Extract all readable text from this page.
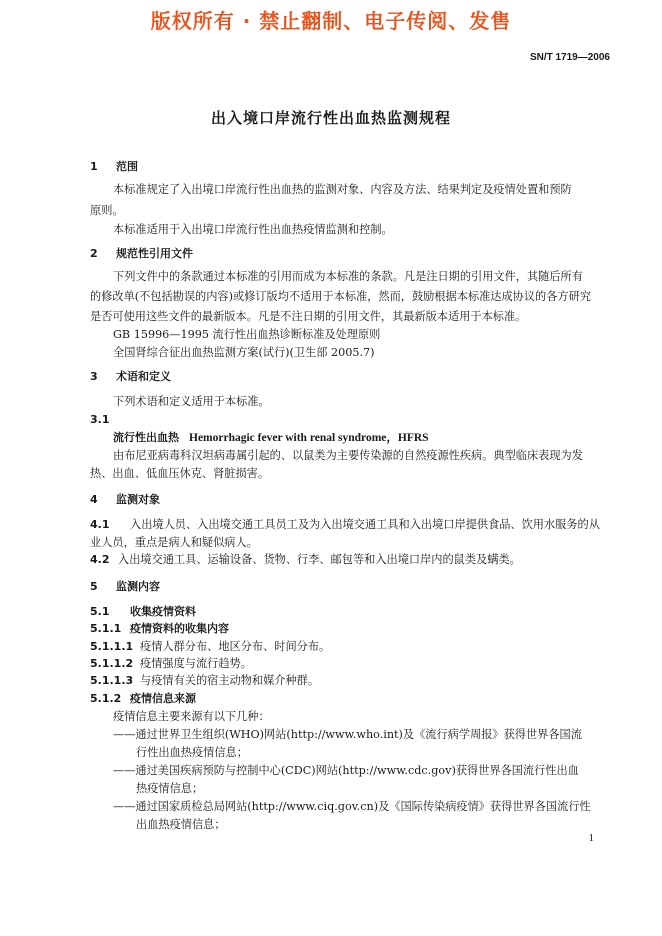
版权所有 · 禁止翻制、电子传阅、发售
SN/T 1719—2006
出入境口岸流行性出血热监测规程
1 范围
本标准规定了入出境口岸流行性出血热的监测对象、内容及方法、结果判定及疫情处置和预防
原则。
本标准适用于入出境口岸流行性出血热疫情监测和控制。
2 规范性引用文件
下列文件中的条款通过本标准的引用而成为本标准的条款。凡是注日期的引用文件，其随后所有
的修改单(不包括勘误的内容)或修订版均不适用于本标准，然而，鼓励根据本标准达成协议的各方研究
是否可使用这些文件的最新版本。凡是不注日期的引用文件，其最新版本适用于本标准。
GB 15996—1995 流行性出血热诊断标准及处理原则
全国肾综合征出血热监测方案(试行)(卫生部 2005.7)
3 术语和定义
下列术语和定义适用于本标准。
3.1
流行性出血热 Hemorrhagic fever with renal syndrome，HFRS
由布尼亚病毒科汉坦病毒属引起的、以鼠类为主要传染源的自然疫源性疾病。典型临床表现为发
热、出血、低血压休克、肾脏损害。
4 监测对象
4.1 入出境人员、入出境交通工具员工及为入出境交通工具和入出境口岸提供食品、饮用水服务的从
业人员，重点是病人和疑似病人。
4.2 入出境交通工具、运输设备、货物、行李、邮包等和入出境口岸内的鼠类及螨类。
5 监测内容
5.1 收集疫情资料
5.1.1 疫情资料的收集内容
5.1.1.1 疫情人群分布、地区分布、时间分布。
5.1.1.2 疫情强度与流行趋势。
5.1.1.3 与疫情有关的宿主动物和媒介种群。
5.1.2 疫情信息来源
疫情信息主要来源有以下几种：
——通过世界卫生组织(WHO)网站(http://www.who.int)及《流行病学周报》获得世界各国流
行性出血热疫情信息；
——通过美国疾病预防与控制中心(CDC)网站(http://www.cdc.gov)获得世界各国流行性出血
热疫情信息；
——通过国家质检总局网站(http://www.ciq.gov.cn)及《国际传染病疫情》获得世界各国流行性
出血热疫情信息；
1
